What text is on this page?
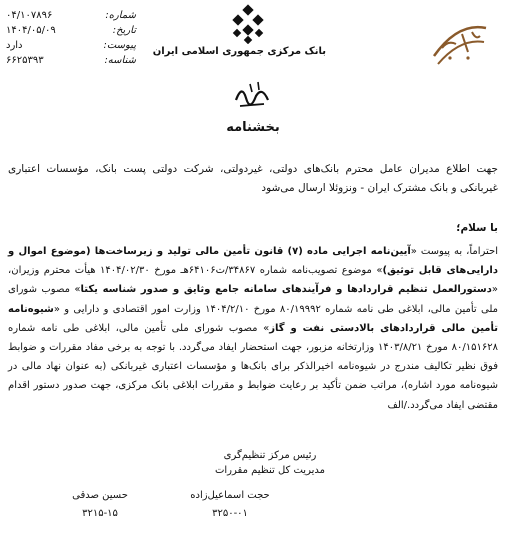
شماره:
۰۴/۱۰۷۸۹۶
تاریخ:
۱۴۰۴/۰۵/۰۹
پیوست:
دارد
شناسه:
۶۶۲۵۳۹۳
بانک مرکزی جمهوری اسلامی ایران
بخشنامه
جهت اطلاع مدیران عامل محترم بانک‌های دولتی، غیردولتی، شرکت دولتی پست بانک، مؤسسات اعتباری غیربانکی و بانک مشترک ایران - ونزوئلا ارسال می‌شود
با سلام؛
احتراماً، به پیوست «آیین‌نامه اجرایی ماده (۷) قانون تأمین مالی تولید و زیرساخت‌ها (موضوع اموال و دارایی‌های قابل توثیق)» موضوع تصویب‌نامه شماره ۳۴۸۶۷/ت۶۴۱۰۶هـ مورخ ۱۴۰۴/۰۲/۳۰ هیأت محترم وزیران، «دستورالعمل تنظیم قراردادها و فرآیندهای سامانه جامع وثایق و صدور شناسه یکتا» مصوب شورای ملی تأمین مالی، ابلاغی طی نامه شماره ۸۰/۱۹۹۹۲ مورخ ۱۴۰۴/۲/۱۰ وزارت امور اقتصادی و دارایی و «شیوه‌نامه تأمین مالی قراردادهای بالادستی نفت و گاز» مصوب شورای ملی تأمین مالی، ابلاغی طی نامه شماره ۸۰/۱۵۱۶۲۸ مورخ ۱۴۰۳/۸/۲۱ وزارتخانه مزبور، جهت استحضار ایفاد می‌گردد. با توجه به برخی مفاد مقررات و ضوابط فوق نظیر تکالیف مندرج در شیوه‌نامه اخیرالذکر برای بانک‌ها و مؤسسات اعتباری غیربانکی (به عنوان نهاد مالی در شیوه‌نامه مورد اشاره)، مراتب ضمن تأکید بر رعایت ضوابط و مقررات ابلاغی بانک مرکزی، جهت صدور دستور اقدام مقتضی ایفاد می‌گردد./الف
رئیس مرکز تنظیم‌گری
مدیریت کل تنظیم مقررات
حجت اسماعیل‌زاده
حسین صدقی
۳۲۵۰-۰۱
۳۲۱۵-۱۵
